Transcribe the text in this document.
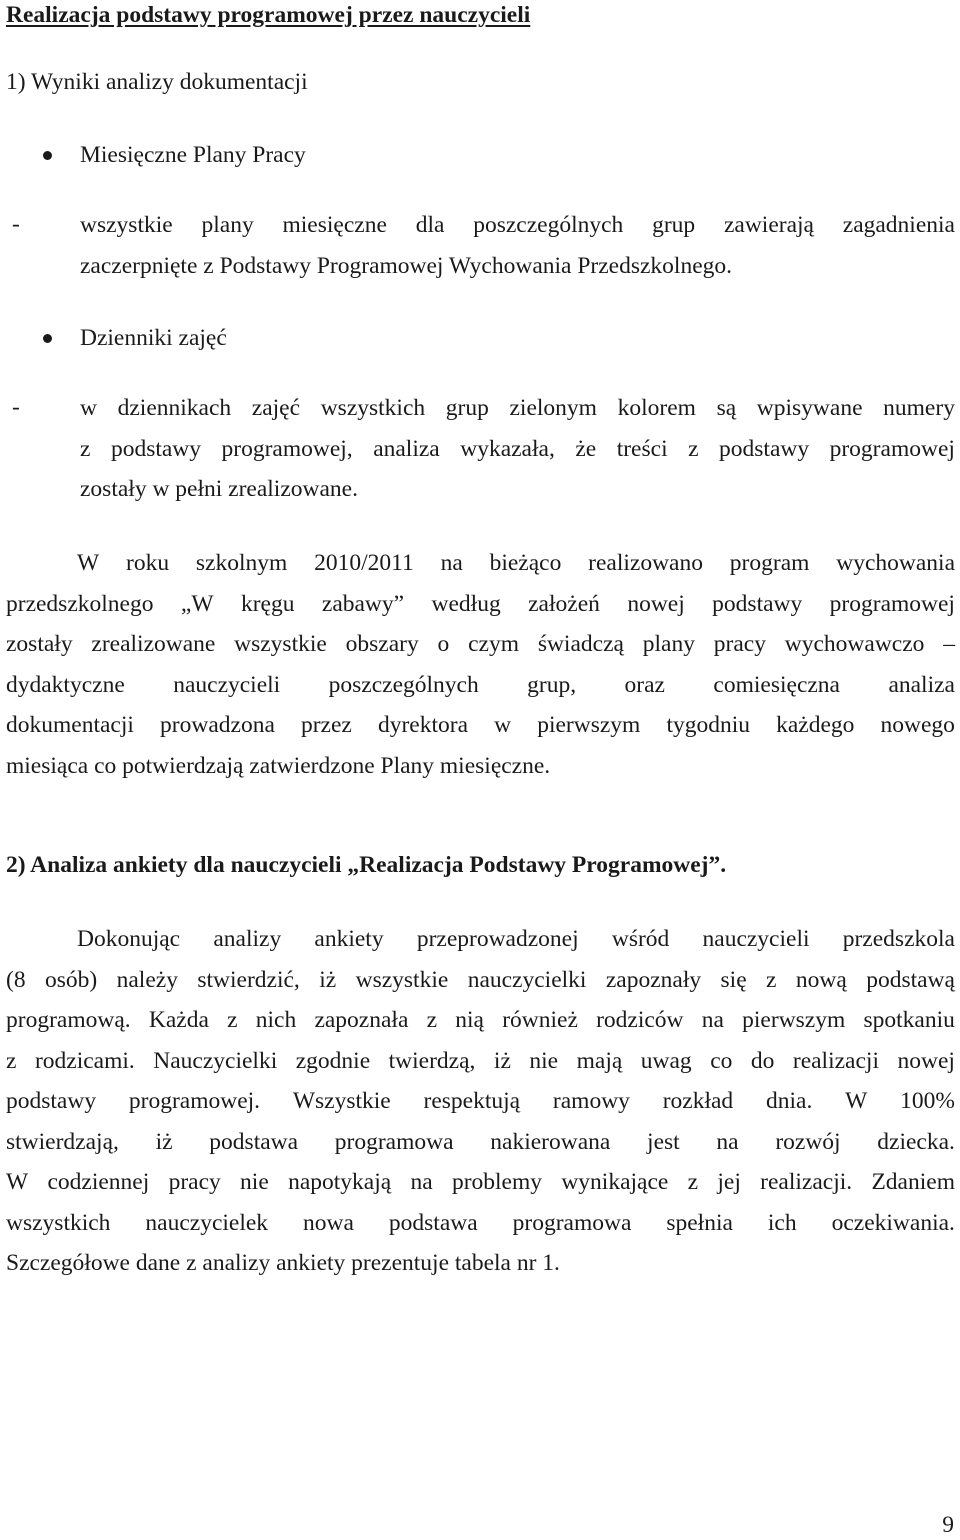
Realizacja podstawy programowej przez nauczycieli
1) Wyniki analizy dokumentacji
Miesięczne Plany Pracy
-	wszystkie plany miesięczne dla poszczególnych grup zawierają zagadnienia
zaczerpnięte z Podstawy Programowej Wychowania Przedszkolnego.
Dzienniki zajęć
-	w dziennikach zajęć wszystkich grup zielonym kolorem są wpisywane numery
z podstawy programowej, analiza wykazała, że treści z podstawy programowej
zostały w pełni zrealizowane.
W roku szkolnym 2010/2011 na bieżąco realizowano program wychowania
przedszkolnego „W kręgu zabawy” według założeń nowej podstawy programowej
zostały zrealizowane wszystkie obszary o czym świadczą plany pracy wychowawczo –
dydaktyczne nauczycieli poszczególnych grup, oraz comiesięczna analiza
dokumentacji prowadzona przez dyrektora w pierwszym tygodniu każdego nowego
miesiąca co potwierdzają zatwierdzone Plany miesięczne.
2) Analiza ankiety dla nauczycieli „Realizacja Podstawy Programowej”.
Dokonując analizy ankiety przeprowadzonej wśród nauczycieli przedszkola
(8 osób) należy stwierdzić, iż wszystkie nauczycielki zapoznały się z nową podstawą
programową. Każda z nich zapoznała z nią również rodziców na pierwszym spotkaniu
z rodzicami. Nauczycielki zgodnie twierdzą, iż nie mają uwag co do realizacji nowej
podstawy programowej. Wszystkie respektują ramowy rozkład dnia. W 100%
stwierdzają, iż podstawa programowa nakierowana jest na rozwój dziecka.
W codziennej pracy nie napotykają na problemy wynikające z jej realizacji. Zdaniem
wszystkich nauczycielek nowa podstawa programowa spełnia ich oczekiwania.
Szczegółowe dane z analizy ankiety prezentuje tabela nr 1.
9
